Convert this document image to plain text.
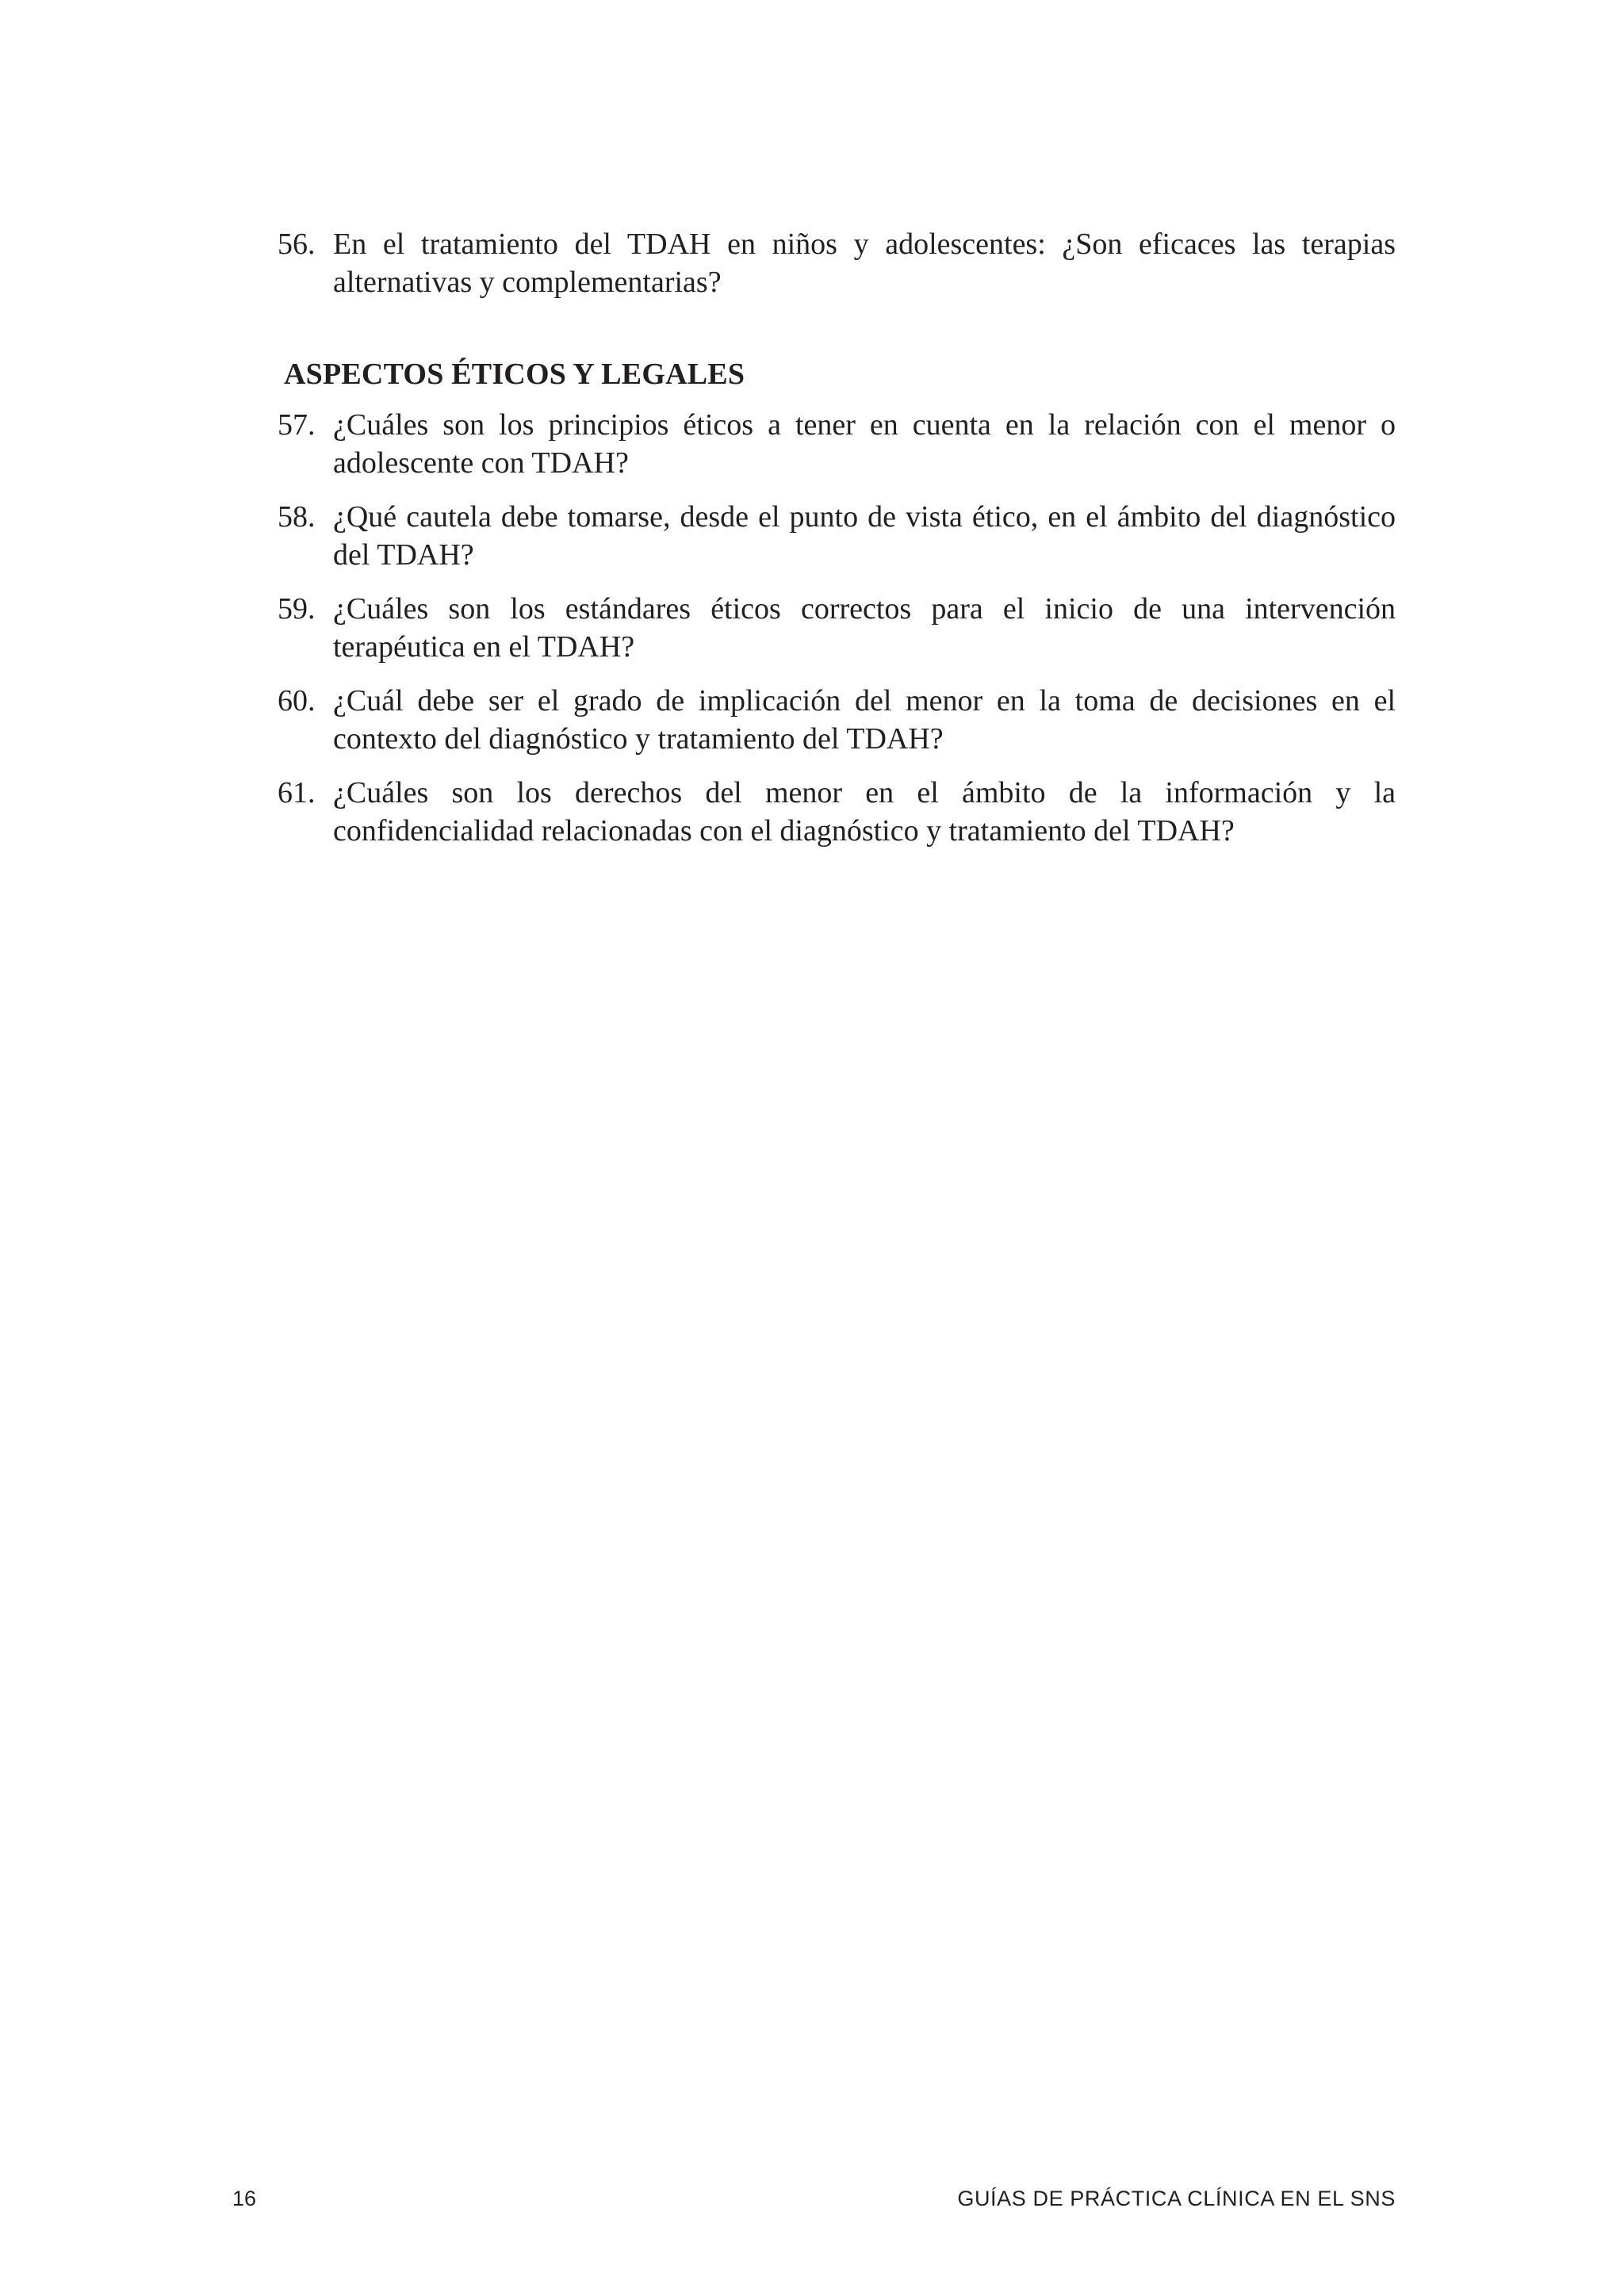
56. En el tratamiento del TDAH en niños y adolescentes: ¿Son eficaces las terapias alternativas y complementarias?
ASPECTOS ÉTICOS Y LEGALES
57. ¿Cuáles son los principios éticos a tener en cuenta en la relación con el menor o adolescente con TDAH?
58. ¿Qué cautela debe tomarse, desde el punto de vista ético, en el ámbito del diagnóstico del TDAH?
59. ¿Cuáles son los estándares éticos correctos para el inicio de una intervención terapéutica en el TDAH?
60. ¿Cuál debe ser el grado de implicación del menor en la toma de decisiones en el contexto del diagnóstico y tratamiento del TDAH?
61. ¿Cuáles son los derechos del menor en el ámbito de la información y la confidencialidad relacionadas con el diagnóstico y tratamiento del TDAH?
16	GUÍAS DE PRÁCTICA CLÍNICA EN EL SNS
